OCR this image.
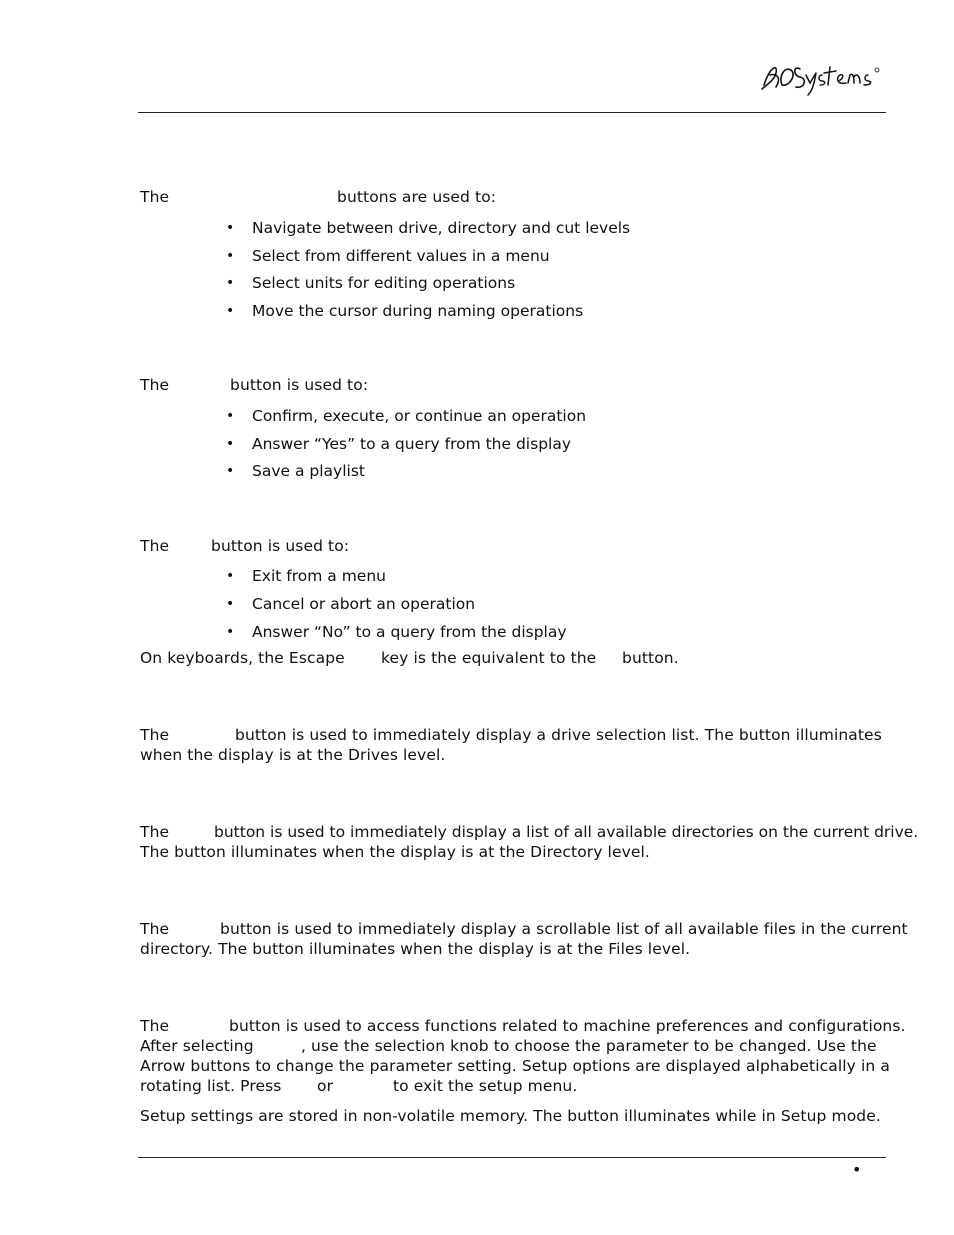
The	buttons are used to:
• Navigate between drive, directory and cut levels
• Select from different values in a menu
• Select units for editing operations
• Move the cursor during naming operations
The	button is used to:
• Confirm, execute, or continue an operation
• Answer “Yes” to a query from the display
• Save a playlist
The	button is used to:
• Exit from a menu
• Cancel or abort an operation
• Answer “No” to a query from the display
On keyboards, the Escape key is the equivalent to the button.
The	button is used to immediately display a drive selection list. The button illuminates
when the display is at the Drives level.
The	button is used to immediately display a list of all available directories on the current drive.
The button illuminates when the display is at the Directory level.
The	button is used to immediately display a scrollable list of all available files in the current
directory. The button illuminates when the display is at the Files level.
The	button is used to access functions related to machine preferences and configurations.
After selecting	, use the selection knob to choose the parameter to be changed. Use the
Arrow buttons to change the parameter setting. Setup options are displayed alphabetically in a
rotating list. Press or	to exit the setup menu.
Setup settings are stored in non-volatile memory. The button illuminates while in Setup mode.
•
